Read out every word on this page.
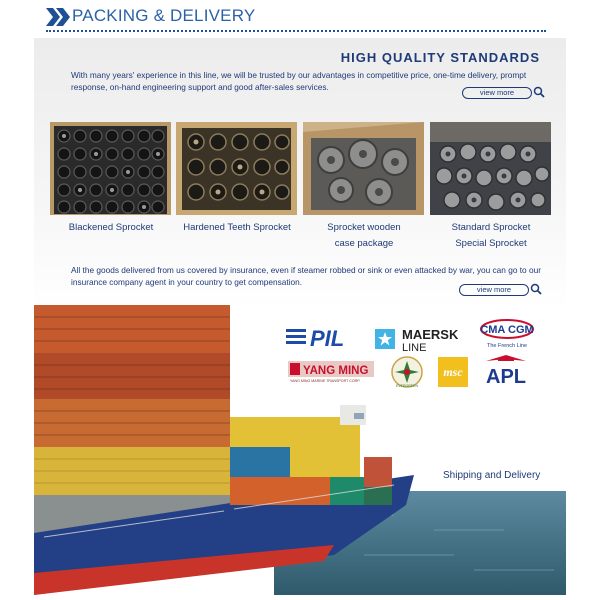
PACKING & DELIVERY
HIGH QUALITY STANDARDS
With many years' experience in this line, we will be trusted by our advantages in competitive price, one-time delivery, prompt response, on-hand engineering support and good after-sales services.
view more
Blackened Sprocket	Hardened Teeth Sprocket	Sprocket wooden
case package
Standard Sprocket
Special Sprocket
All the goods delivered from us covered by insurance, even if steamer robbed or sink or even attacked by war, you can go to our insurance company agent in your country to get compensation.
view more
PIL	MAERSK
LINE
CMA CGM
The French Line
YANG MING
YANG MING MARINE TRANSPORT CORP.
EVERGREEN
msc APL
Shipping and Delivery
